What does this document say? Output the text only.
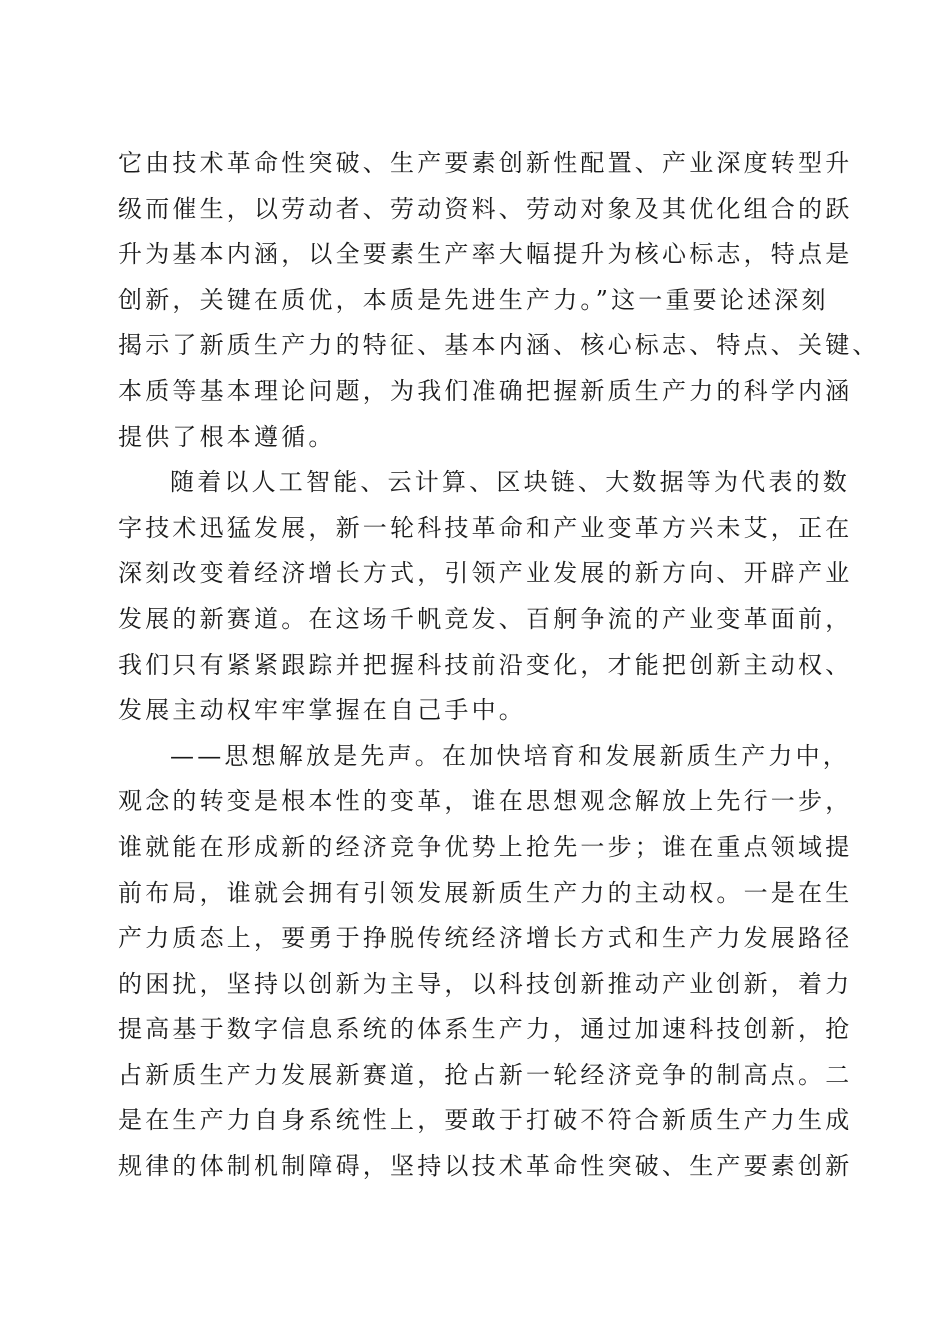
它由技术革命性突破、生产要素创新性配置、产业深度转型升
级而催生，以劳动者、劳动资料、劳动对象及其优化组合的跃
升为基本内涵，以全要素生产率大幅提升为核心标志，特点是
创新，关键在质优，本质是先进生产力。”这一重要论述深刻
揭示了新质生产力的特征、基本内涵、核心标志、特点、关键、
本质等基本理论问题，为我们准确把握新质生产力的科学内涵
提供了根本遵循。
随着以人工智能、云计算、区块链、大数据等为代表的数
字技术迅猛发展，新一轮科技革命和产业变革方兴未艾，正在
深刻改变着经济增长方式，引领产业发展的新方向、开辟产业
发展的新赛道。在这场千帆竞发、百舸争流的产业变革面前，
我们只有紧紧跟踪并把握科技前沿变化，才能把创新主动权、
发展主动权牢牢掌握在自己手中。
——思想解放是先声。在加快培育和发展新质生产力中，
观念的转变是根本性的变革，谁在思想观念解放上先行一步，
谁就能在形成新的经济竞争优势上抢先一步；谁在重点领域提
前布局，谁就会拥有引领发展新质生产力的主动权。一是在生
产力质态上，要勇于挣脱传统经济增长方式和生产力发展路径
的困扰，坚持以创新为主导，以科技创新推动产业创新，着力
提高基于数字信息系统的体系生产力，通过加速科技创新，抢
占新质生产力发展新赛道，抢占新一轮经济竞争的制高点。二
是在生产力自身系统性上，要敢于打破不符合新质生产力生成
规律的体制机制障碍，坚持以技术革命性突破、生产要素创新
